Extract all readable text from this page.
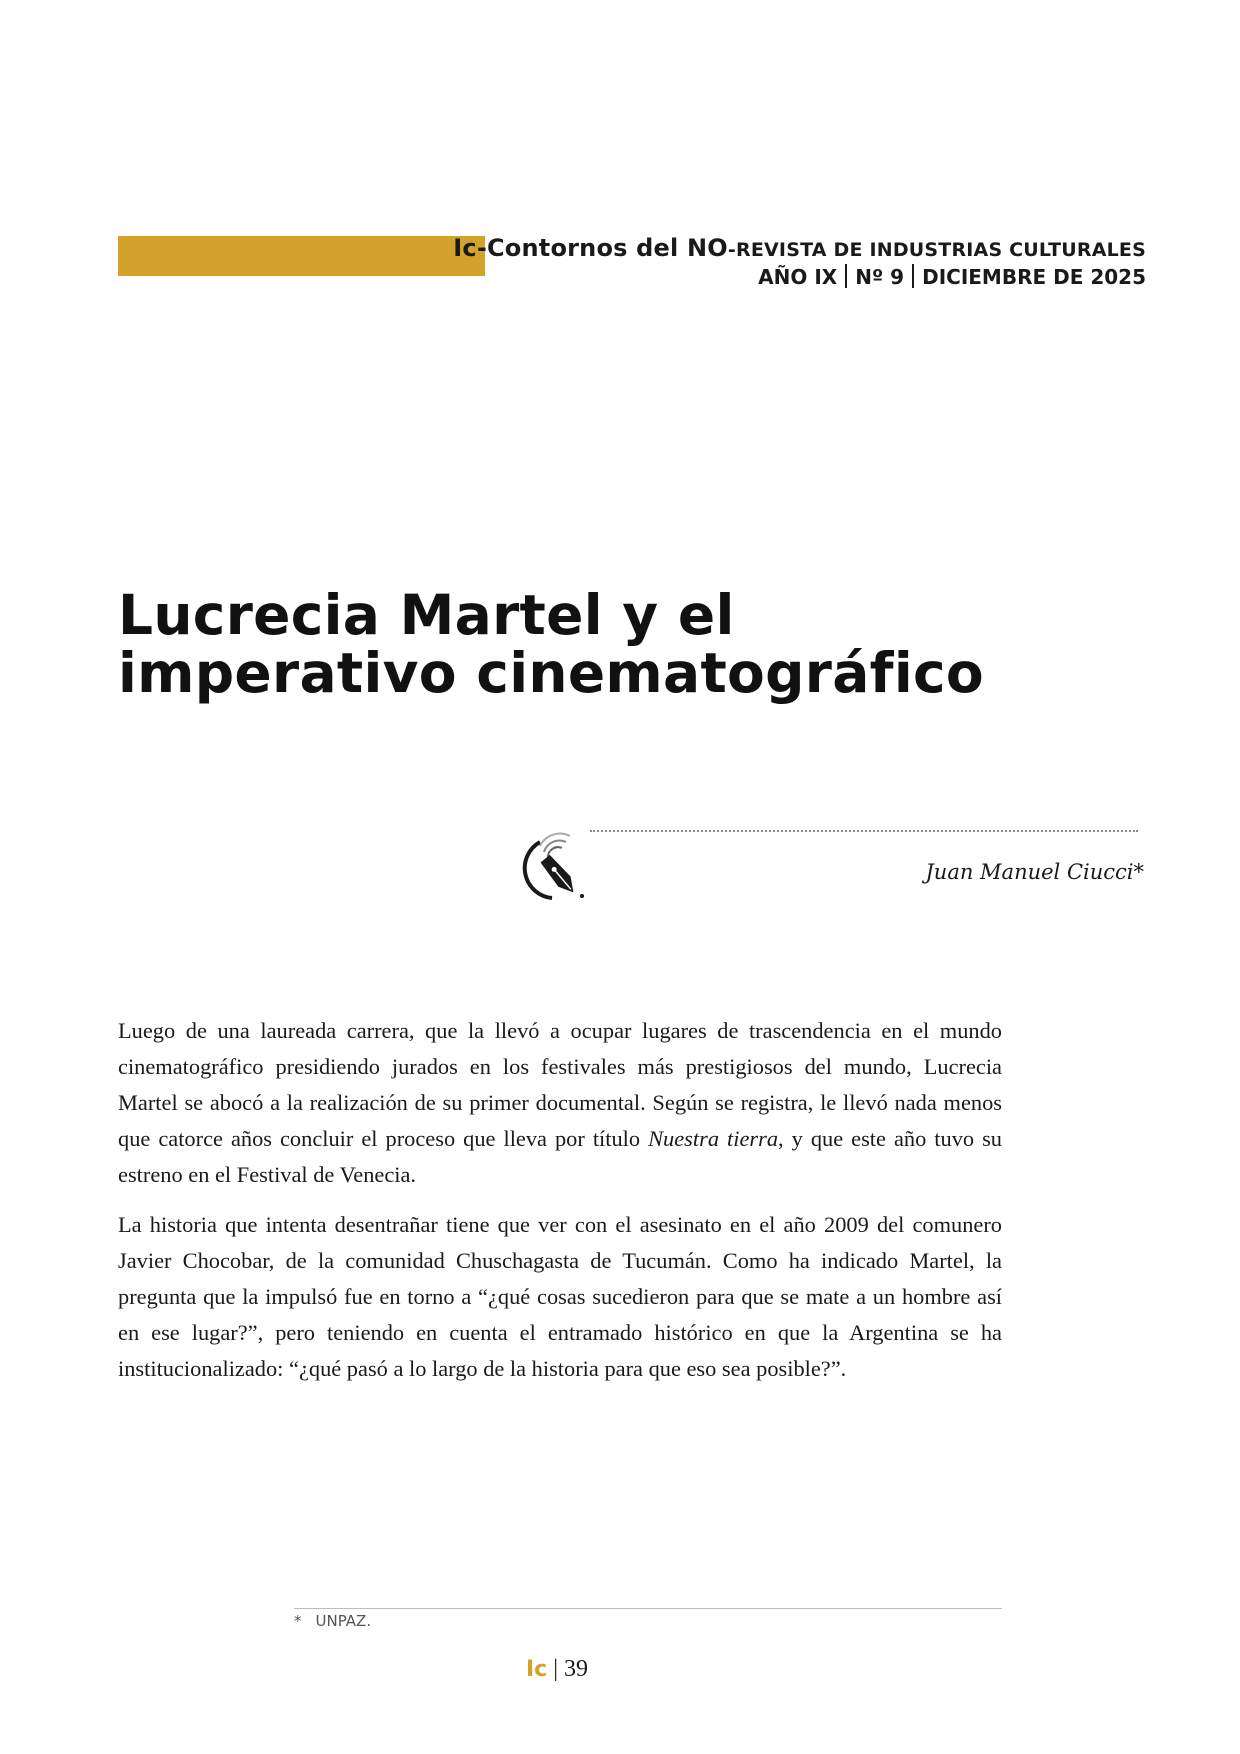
Ic-Contornos del NO-REVISTA DE INDUSTRIAS CULTURALES
AÑO IX Nº 9 DICIEMBRE DE 2025
Lucrecia Martel y el
imperativo cinematográfico
Juan Manuel Ciucci*

Luego de una laureada carrera, que la llevó a ocupar lugares de trascendencia en el mundo cinematográfico presidiendo jurados en los festivales más prestigiosos del mundo, Lucrecia Martel se abocó a la realización de su primer documental. Según se registra, le llevó nada menos que catorce años concluir el proceso que lleva por título Nuestra tierra, y que este año tuvo su estreno en el Festival de Venecia.

La historia que intenta desentrañar tiene que ver con el asesinato en el año 2009 del comunero Javier Chocobar, de la comunidad Chuschagasta de Tucumán. Como ha indicado Martel, la pregunta que la impulsó fue en torno a “¿qué cosas sucedieron para que se mate a un hombre así en ese lugar?”, pero teniendo en cuenta el entramado histórico en que la Argentina se ha institucionalizado: “¿qué pasó a lo largo de la historia para que eso sea posible?”.

* UNPAZ.
Ic | 39
